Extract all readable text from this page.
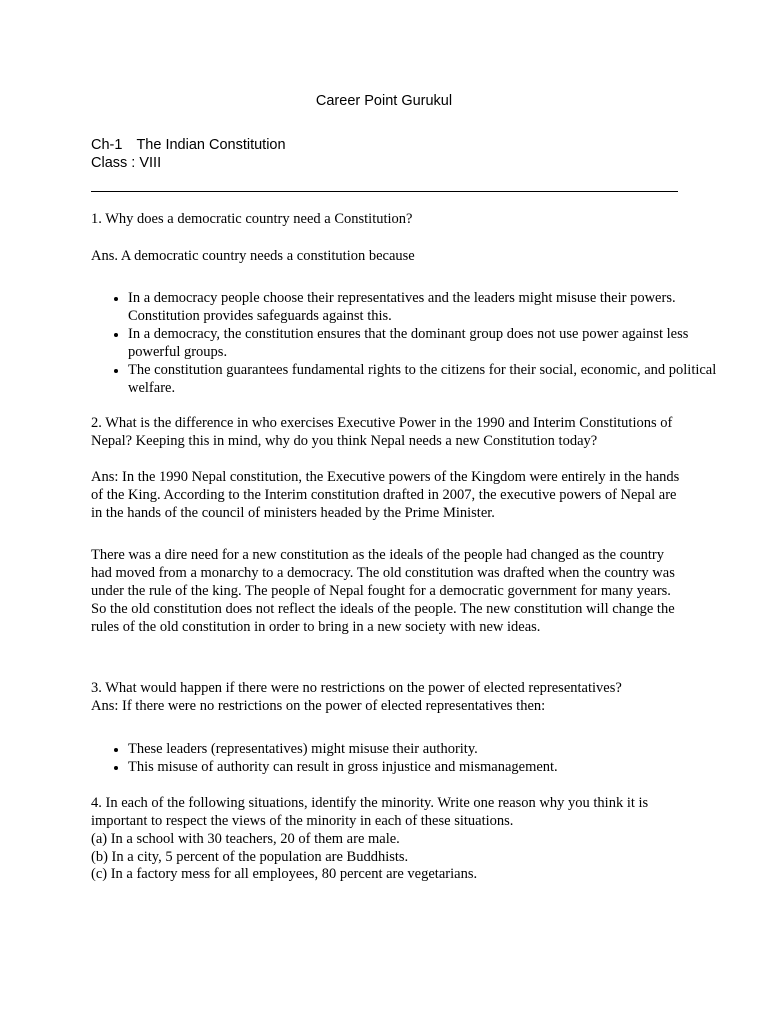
Career Point Gurukul
Ch-1 The Indian Constitution
Class : VIII

1. Why does a democratic country need a Constitution?

Ans. A democratic country needs a constitution because

• In a democracy people choose their representatives and the leaders might misuse their powers. Constitution provides safeguards against this.
• In a democracy, the constitution ensures that the dominant group does not use power against less powerful groups.
• The constitution guarantees fundamental rights to the citizens for their social, economic, and political welfare.

2. What is the difference in who exercises Executive Power in the 1990 and Interim Constitutions of Nepal? Keeping this in mind, why do you think Nepal needs a new Constitution today?

Ans: In the 1990 Nepal constitution, the Executive powers of the Kingdom were entirely in the hands of the King. According to the Interim constitution drafted in 2007, the executive powers of Nepal are in the hands of the council of ministers headed by the Prime Minister.

There was a dire need for a new constitution as the ideals of the people had changed as the country had moved from a monarchy to a democracy. The old constitution was drafted when the country was under the rule of the king. The people of Nepal fought for a democratic government for many years. So the old constitution does not reflect the ideals of the people. The new constitution will change the rules of the old constitution in order to bring in a new society with new ideas.

3. What would happen if there were no restrictions on the power of elected representatives?

Ans: If there were no restrictions on the power of elected representatives then:

• These leaders (representatives) might misuse their authority.
• This misuse of authority can result in gross injustice and mismanagement.

4. In each of the following situations, identify the minority. Write one reason why you think it is important to respect the views of the minority in each of these situations.

(a) In a school with 30 teachers, 20 of them are male.

(b) In a city, 5 percent of the population are Buddhists.

(c) In a factory mess for all employees, 80 percent are vegetarians.
